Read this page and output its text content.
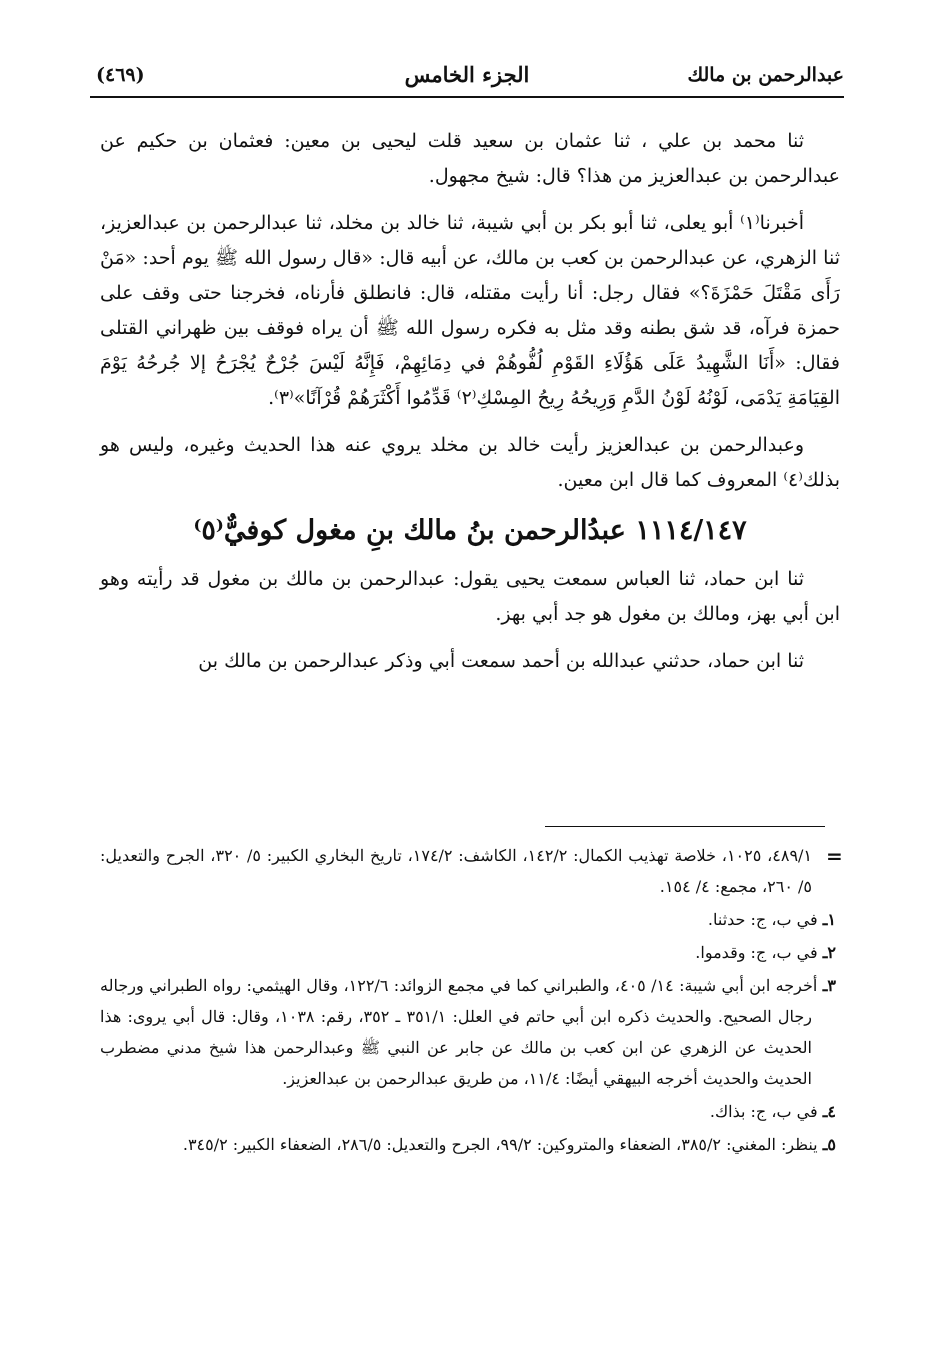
(٤٦٩)	الجزء الخامس	عبدالرحمن بن مالك

ثنا محمد بن علي ، ثنا عثمان بن سعيد قلت ليحيى بن معين: فعثمان بن حكيم عن عبدالرحمن بن عبدالعزيز من هذا؟ قال: شيخ مجهول.

أخبرنا⁽١⁾ أبو يعلى، ثنا أبو بكر بن أبي شيبة، ثنا خالد بن مخلد، ثنا عبدالرحمن بن عبدالعزيز، ثنا الزهري، عن عبدالرحمن بن كعب بن مالك، عن أبيه قال: «قال رسول الله ﷺ يوم أحد: «مَنْ رَأَى مَقْتَلَ حَمْزَةَ؟» فقال رجل: أنا رأيت مقتله، قال: فانطلق فأرناه، فخرجنا حتى وقف على حمزة فرآه، قد شق بطنه وقد مثل به فكره رسول الله ﷺ أن يراه فوقف بين ظهراني القتلى فقال: «أَنَا الشَّهِيدُ عَلَى هَؤُلَاءِ القَوْمِ لُفُّوهُمْ في دِمَائِهِمْ، فَإِنَّهُ لَيْسَ جُرْحٌ يُجْرَحُ إلا جُرحُهُ يَوْمَ القِيَامَةِ يَدْمَى، لَوْنُهُ لَوْنُ الدَّمِ وَرِيحُهُ رِيحُ المِسْكِ⁽٢⁾ قَدِّمُوا أَكْثَرَهُمْ قُرْآنًا»⁽٣⁾.

وعبدالرحمن بن عبدالعزيز رأيت خالد بن مخلد يروي عنه هذا الحديث وغيره، وليس هو بذلك⁽٤⁾ المعروف كما قال ابن معين.

١١١٤/١٤٧ عبدُالرحمن بنُ مالك بنِ مغول كوفيٌّ⁽٥⁾

ثنا ابن حماد، ثنا العباس سمعت يحيى يقول: عبدالرحمن بن مالك بن مغول قد رأيته وهو ابن أبي بهز، ومالك بن مغول هو جد أبي بهز.

ثنا ابن حماد، حدثني عبدالله بن أحمد سمعت أبي وذكر عبدالرحمن بن مالك بن

=
٤٨٩/١، ١٠٢٥، خلاصة تهذيب الكمال: ١٤٢/٢، الكاشف: ١٧٤/٢، تاريخ البخاري الكبير: ٥/ ٣٢٠، الجرح والتعديل: ٥/ ٢٦٠، مجمع: ٤/ ١٥٤.
١ـ في ب، ج: حدثنا.
٢ـ في ب، ج: وقدموا.
٣ـ أخرجه ابن أبي شيبة: ١٤/ ٤٠٥، والطبراني كما في مجمع الزوائد: ١٢٢/٦، وقال الهيثمي: رواه الطبراني ورجاله رجال الصحيح. والحديث ذكره ابن أبي حاتم في العلل: ٣٥١/١ ـ ٣٥٢، رقم: ١٠٣٨، وقال: قال أبي يروى: هذا الحديث عن الزهري عن ابن كعب بن مالك عن جابر عن النبي ﷺ وعبدالرحمن هذا شيخ مدني مضطرب الحديث والحديث أخرجه البيهقي أيضًا: ١١/٤، من طريق عبدالرحمن بن عبدالعزيز.
٤ـ في ب، ج: بذاك.
٥ـ ينظر: المغني: ٣٨٥/٢، الضعفاء والمتروكين: ٩٩/٢، الجرح والتعديل: ٢٨٦/٥، الضعفاء الكبير: ٣٤٥/٢.
